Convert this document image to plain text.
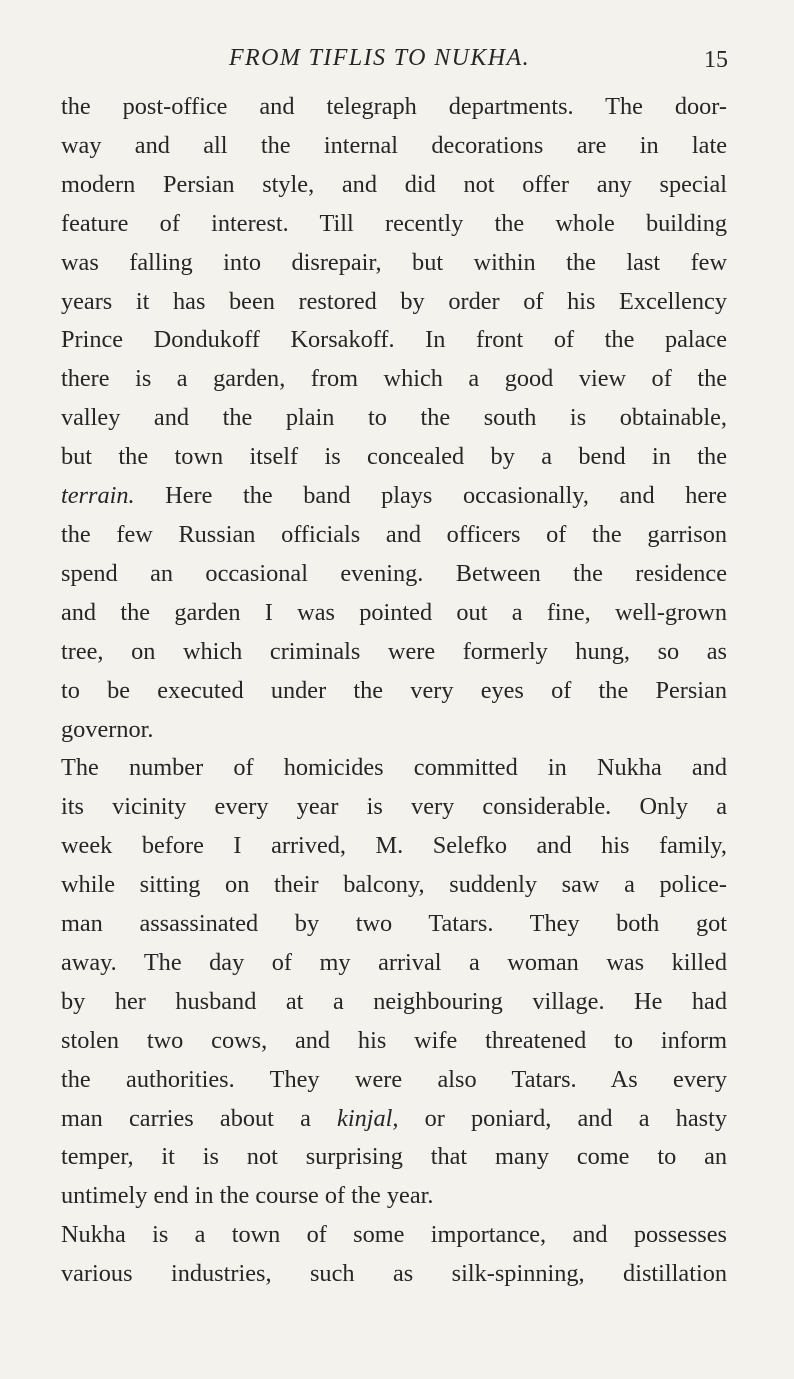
FROM TIFLIS TO NUKHA.	15

the post-office and telegraph departments. The door-
way and all the internal decorations are in late
modern Persian style, and did not offer any special
feature of interest. Till recently the whole building
was falling into disrepair, but within the last few
years it has been restored by order of his Excellency
Prince Dondukoff Korsakoff. In front of the palace
there is a garden, from which a good view of the
valley and the plain to the south is obtainable,
but the town itself is concealed by a bend in the
terrain. Here the band plays occasionally, and here
the few Russian officials and officers of the garrison
spend an occasional evening. Between the residence
and the garden I was pointed out a fine, well-grown
tree, on which criminals were formerly hung, so as
to be executed under the very eyes of the Persian
governor.

The number of homicides committed in Nukha and
its vicinity every year is very considerable. Only a
week before I arrived, M. Selefko and his family,
while sitting on their balcony, suddenly saw a police-
man assassinated by two Tatars. They both got
away. The day of my arrival a woman was killed
by her husband at a neighbouring village. He had
stolen two cows, and his wife threatened to inform
the authorities. They were also Tatars. As every
man carries about a kinjal, or poniard, and a hasty
temper, it is not surprising that many come to an
untimely end in the course of the year.

Nukha is a town of some importance, and possesses
various industries, such as silk-spinning, distillation
